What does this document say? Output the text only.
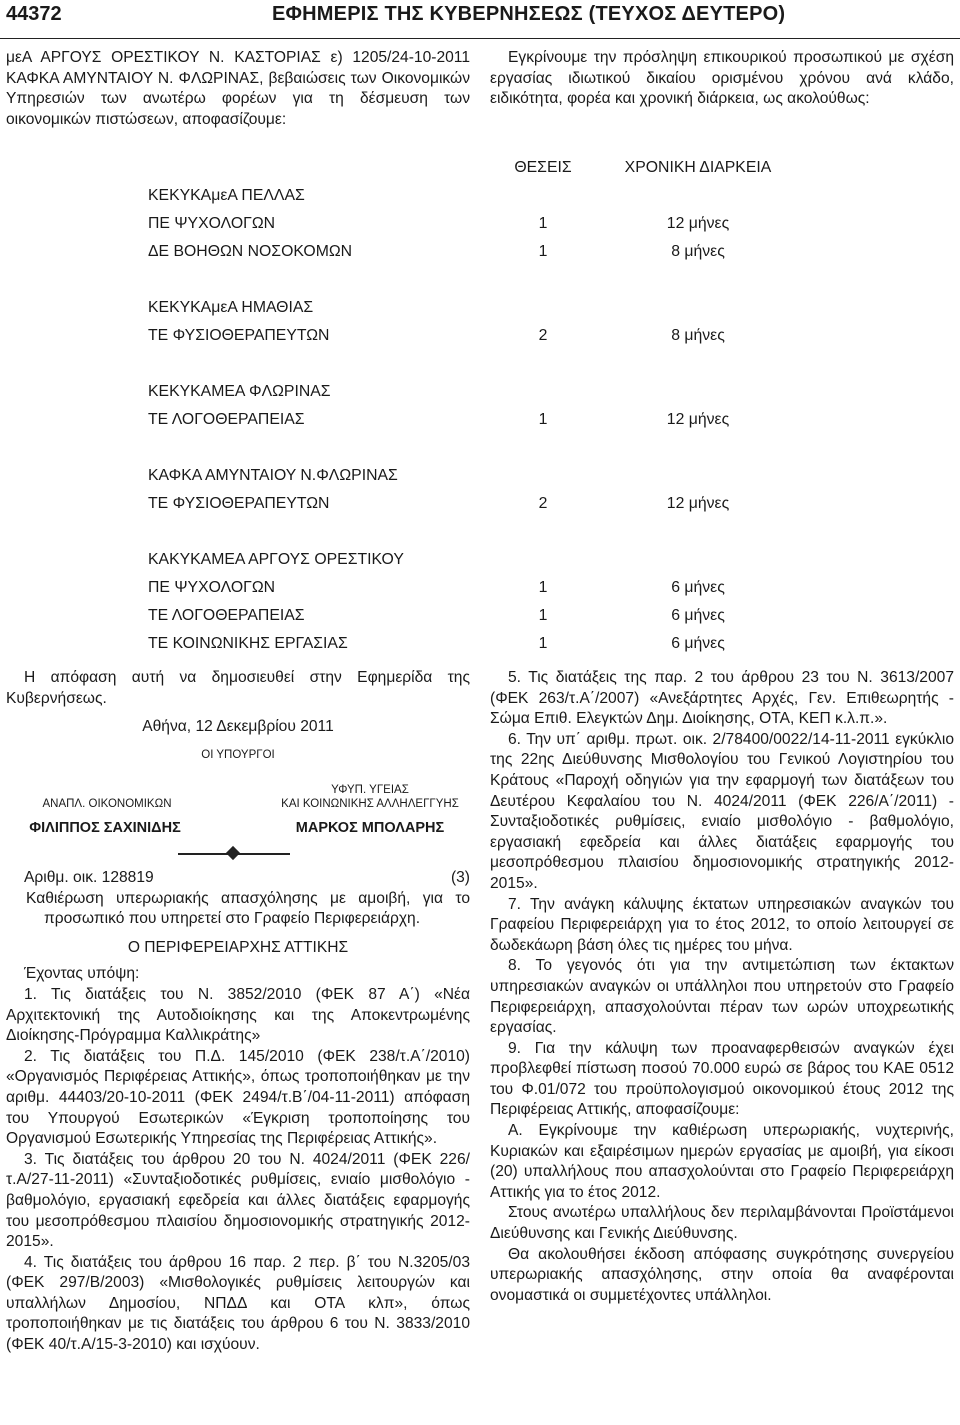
44372	ΕΦΗΜΕΡΙΣ ΤΗΣ ΚΥΒΕΡΝΗΣΕΩΣ (ΤΕΥΧΟΣ ΔΕΥΤΕΡΟ)

μεΑ ΑΡΓΟΥΣ ΟΡΕΣΤΙΚΟΥ Ν. ΚΑΣΤΟΡΙΑΣ ε) 1205/24-10-2011 ΚΑΦΚΑ ΑΜΥΝΤΑΙΟΥ Ν. ΦΛΩΡΙΝΑΣ, βεβαιώσεις των Οικονομικών Υπηρεσιών των ανωτέρω φορέων για τη δέσμευση των οικονομικών πιστώσεων, αποφασίζουμε:

Εγκρίνουμε την πρόσληψη επικουρικού προσωπικού με σχέση εργασίας ιδιωτικού δικαίου ορισμένου χρόνου ανά κλάδο, ειδικότητα, φορέα και χρονική διάρκεια, ως ακολούθως:

	ΘΕΣΕΙΣ	ΧΡΟΝΙΚΗ ΔΙΑΡΚΕΙΑ
ΚΕΚΥΚΑμεΑ ΠΕΛΛΑΣ		
ΠΕ ΨΥΧΟΛΟΓΩΝ	1	12 μήνες
ΔΕ ΒΟΗΘΩΝ ΝΟΣΟΚΟΜΩΝ	1	8 μήνες

ΚΕΚΥΚΑμεΑ ΗΜΑΘΙΑΣ		
ΤΕ ΦΥΣΙΟΘΕΡΑΠΕΥΤΩΝ	2	8 μήνες

ΚΕΚΥΚΑΜΕΑ ΦΛΩΡΙΝΑΣ		
ΤΕ ΛΟΓΟΘΕΡΑΠΕΙΑΣ	1	12 μήνες

ΚΑΦΚΑ ΑΜΥΝΤΑΙΟΥ Ν.ΦΛΩΡΙΝΑΣ		
ΤΕ ΦΥΣΙΟΘΕΡΑΠΕΥΤΩΝ	2	12 μήνες

ΚΑΚΥΚΑΜΕΑ ΑΡΓΟΥΣ ΟΡΕΣΤΙΚΟΥ		
ΠΕ ΨΥΧΟΛΟΓΩΝ	1	6 μήνες
ΤΕ ΛΟΓΟΘΕΡΑΠΕΙΑΣ	1	6 μήνες
ΤΕ ΚΟΙΝΩΝΙΚΗΣ ΕΡΓΑΣΙΑΣ	1	6 μήνες

Η απόφαση αυτή να δημοσιευθεί στην Εφημερίδα της Κυβερνήσεως.

Αθήνα, 12 Δεκεμβρίου 2011

ΟΙ ΥΠΟΥΡΓΟΙ

ΑΝΑΠΛ. ΟΙΚΟΝΟΜΙΚΩΝ
ΥΦΥΠ. ΥΓΕΙΑΣ
ΚΑΙ ΚΟΙΝΩΝΙΚΗΣ ΑΛΛΗΛΕΓΓΥΗΣ
ΦΙΛΙΠΠΟΣ ΣΑΧΙΝΙΔΗΣ	ΜΑΡΚΟΣ ΜΠΟΛΑΡΗΣ

Αριθμ. οικ. 128819	(3)

Καθιέρωση υπερωριακής απασχόλησης με αμοιβή, για το προσωπικό που υπηρετεί στο Γραφείο Περιφερειάρχη.

Ο ΠΕΡΙΦΕΡΕΙΑΡΧΗΣ ΑΤΤΙΚΗΣ

Έχοντας υπόψη:

1. Τις διατάξεις του Ν. 3852/2010 (ΦΕΚ 87 Α΄) «Νέα Αρχιτεκτονική της Αυτοδιοίκησης και της Αποκεντρωμένης Διοίκησης-Πρόγραμμα Καλλικράτης»

2. Τις διατάξεις του Π.Δ. 145/2010 (ΦΕΚ 238/τ.Α΄/2010) «Οργανισμός Περιφέρειας Αττικής», όπως τροποποιήθηκαν με την αριθμ. 44403/20-10-2011 (ΦΕΚ 2494/τ.Β΄/04-11-2011) απόφαση του Υπουργού Εσωτερικών «Έγκριση τροποποίησης του Οργανισμού Εσωτερικής Υπηρεσίας της Περιφέρειας Αττικής».

3. Τις διατάξεις του άρθρου 20 του Ν. 4024/2011 (ΦΕΚ 226/τ.Α/27-11-2011) «Συνταξιοδοτικές ρυθμίσεις, ενιαίο μισθολόγιο - βαθμολόγιο, εργασιακή εφεδρεία και άλλες διατάξεις εφαρμογής του μεσοπρόθεσμου πλαισίου δημοσιονομικής στρατηγικής 2012-2015».

4. Τις διατάξεις του άρθρου 16 παρ. 2 περ. β΄ του Ν.3205/03 (ΦΕΚ 297/Β/2003) «Μισθολογικές ρυθμίσεις λειτουργών και υπαλλήλων Δημοσίου, ΝΠΔΔ και ΟΤΑ κλπ», όπως τροποποιήθηκαν με τις διατάξεις του άρθρου 6 του Ν. 3833/2010 (ΦΕΚ 40/τ.Α/15-3-2010) και ισχύουν.

5. Τις διατάξεις της παρ. 2 του άρθρου 23 του Ν. 3613/2007 (ΦΕΚ 263/τ.Α΄/2007) «Ανεξάρτητες Αρχές, Γεν. Επιθεωρητής - Σώμα Επιθ. Ελεγκτών Δημ. Διοίκησης, ΟΤΑ, ΚΕΠ κ.λ.π.».

6. Την υπ΄ αριθμ. πρωτ. οικ. 2/78400/0022/14-11-2011 εγκύκλιο της 22ης Διεύθυνσης Μισθολογίου του Γενικού Λογιστηρίου του Κράτους «Παροχή οδηγιών για την εφαρμογή των διατάξεων του Δευτέρου Κεφαλαίου του Ν. 4024/2011 (ΦΕΚ 226/Α΄/2011) - Συνταξιοδοτικές ρυθμίσεις, ενιαίο μισθολόγιο - βαθμολόγιο, εργασιακή εφεδρεία και άλλες διατάξεις εφαρμογής του μεσοπρόθεσμου πλαισίου δημοσιονομικής στρατηγικής 2012-2015».

7. Την ανάγκη κάλυψης έκτατων υπηρεσιακών αναγκών του Γραφείου Περιφερειάρχη για το έτος 2012, το οποίο λειτουργεί σε δωδεκάωρη βάση όλες τις ημέρες του μήνα.

8. Το γεγονός ότι για την αντιμετώπιση των έκτακτων υπηρεσιακών αναγκών οι υπάλληλοι που υπηρετούν στο Γραφείο Περιφερειάρχη, απασχολούνται πέραν των ωρών υποχρεωτικής εργασίας.

9. Για την κάλυψη των προαναφερθεισών αναγκών έχει προβλεφθεί πίστωση ποσού 70.000 ευρώ σε βάρος του ΚΑΕ 0512 του Φ.01/072 του προϋπολογισμού οικονομικού έτους 2012 της Περιφέρειας Αττικής, αποφασίζουμε:

Α. Εγκρίνουμε την καθιέρωση υπερωριακής, νυχτερινής, Κυριακών και εξαιρέσιμων ημερών εργασίας με αμοιβή, για είκοσι (20) υπαλλήλους που απασχολούνται στο Γραφείο Περιφερειάρχη Αττικής για το έτος 2012.

Στους ανωτέρω υπαλλήλους δεν περιλαμβάνονται Προϊστάμενοι Διεύθυνσης και Γενικής Διεύθυνσης.

Θα ακολουθήσει έκδοση απόφασης συγκρότησης συνεργείου υπερωριακής απασχόλησης, στην οποία θα αναφέρονται ονομαστικά οι συμμετέχοντες υπάλληλοι.
